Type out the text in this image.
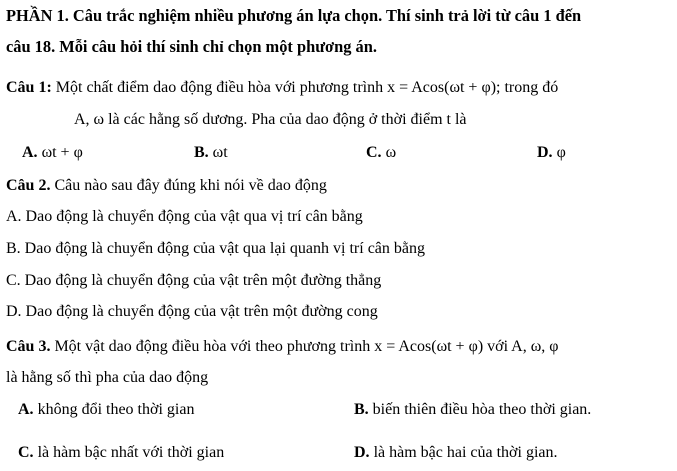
PHẦN 1. Câu trắc nghiệm nhiều phương án lựa chọn. Thí sinh trả lời từ câu 1 đến
câu 18. Mỗi câu hỏi thí sinh chỉ chọn một phương án.
Câu 1: Một chất điểm dao động điều hòa với phương trình x = Acos(ωt + φ); trong đó
A, ω là các hằng số dương. Pha của dao động ở thời điểm t là
A. ωt + φ	B. ωt	C. ω	D. φ
Câu 2. Câu nào sau đây đúng khi nói về dao động
A. Dao động là chuyển động của vật qua vị trí cân bằng
B. Dao động là chuyển động của vật qua lại quanh vị trí cân bằng
C. Dao động là chuyển động của vật trên một đường thẳng
D. Dao động là chuyển động của vật trên một đường cong
Câu 3. Một vật dao động điều hòa với theo phương trình x = Acos(ωt + φ) với A, ω, φ
là hằng số thì pha của dao động
A. không đổi theo thời gian	B. biến thiên điều hòa theo thời gian.
C. là hàm bậc nhất với thời gian	D. là hàm bậc hai của thời gian.
